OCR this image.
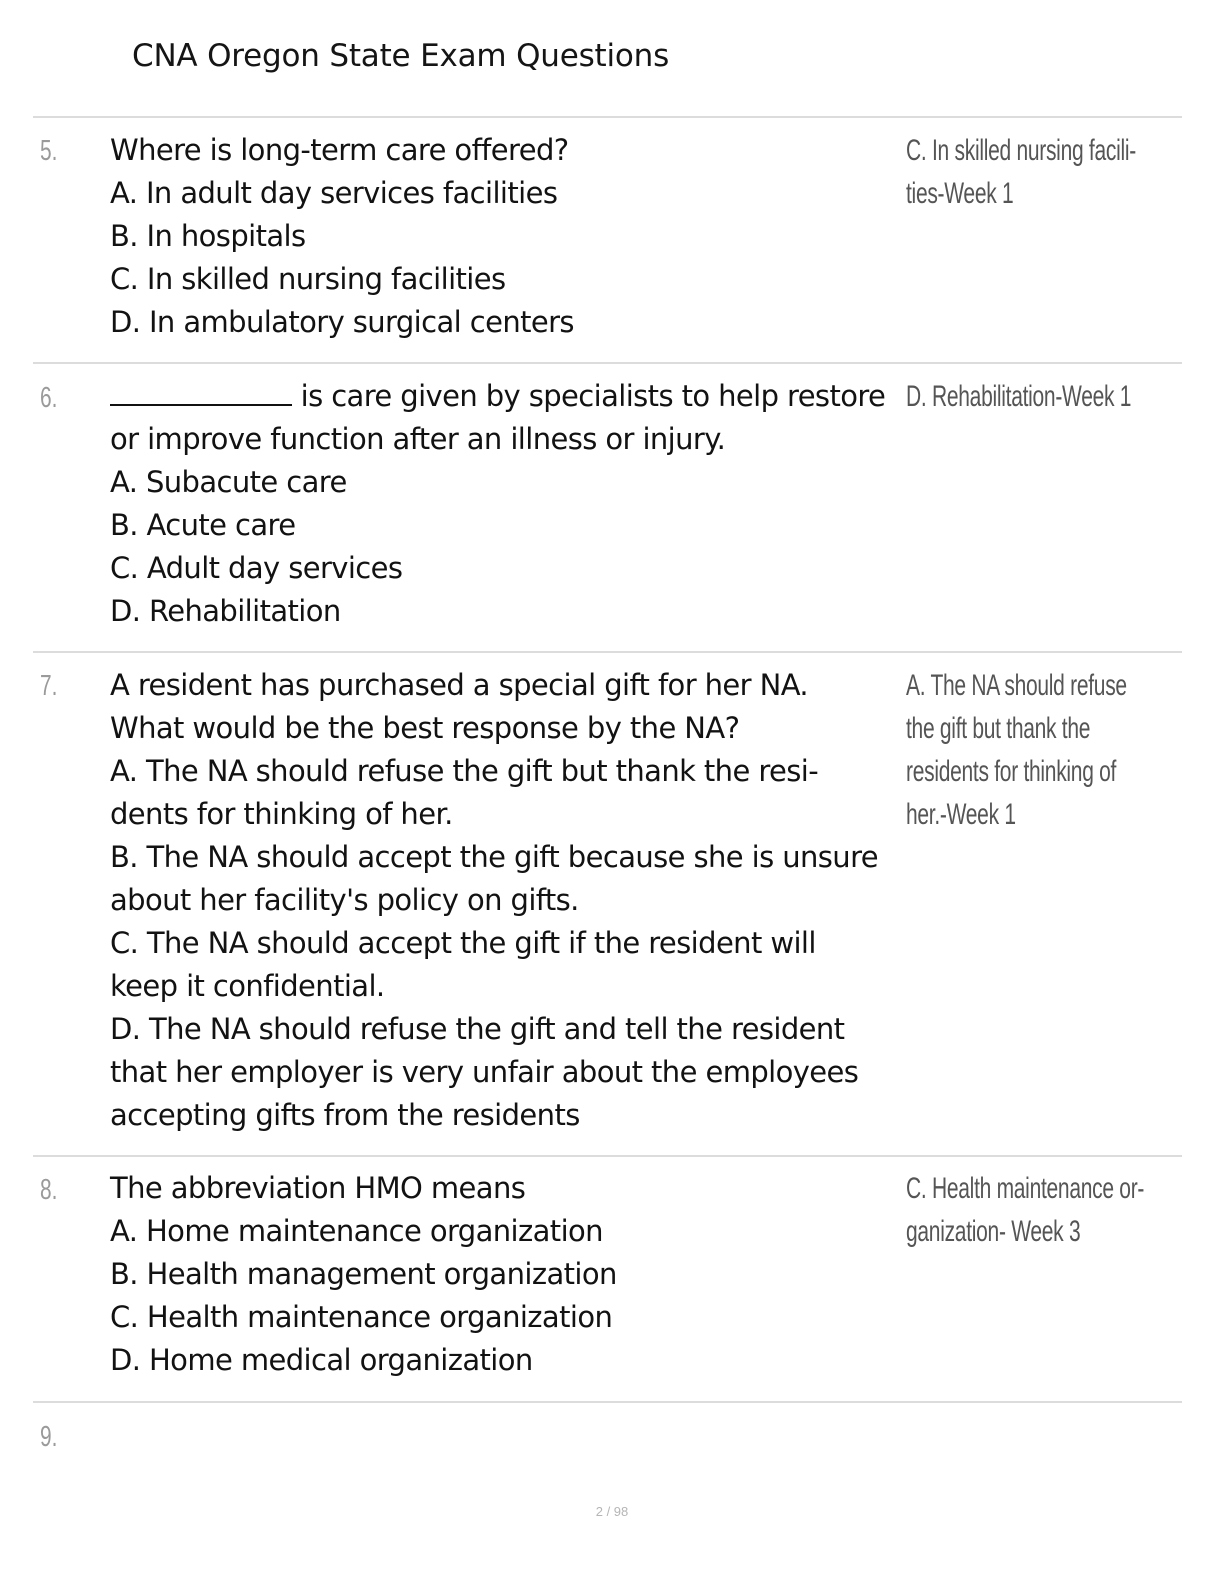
CNA Oregon State Exam Questions
5. Where is long-term care offered?

A. In adult day services facilities

B. In hospitals

C. In skilled nursing facilities

D. In ambulatory surgical centers

C. In skilled nursing facili-

ties-Week 1

6.	is care given by specialists to help restore

or improve function after an illness or injury.

A. Subacute care

B. Acute care

C. Adult day services

D. Rehabilitation

D. Rehabilitation-Week 1

7. A resident has purchased a special gift for her NA.

What would be the best response by the NA?

A. The NA should refuse the gift but thank the resi-

dents for thinking of her.

B. The NA should accept the gift because she is unsure

about her facility's policy on gifts.

C. The NA should accept the gift if the resident will

keep it confidential.

D. The NA should refuse the gift and tell the resident

that her employer is very unfair about the employees

accepting gifts from the residents

A. The NA should refuse

the gift but thank the

residents for thinking of

her.-Week 1

8. The abbreviation HMO means

A. Home maintenance organization

B. Health management organization

C. Health maintenance organization

D. Home medical organization

C. Health maintenance or-

ganization- Week 3

9.
2 / 98
